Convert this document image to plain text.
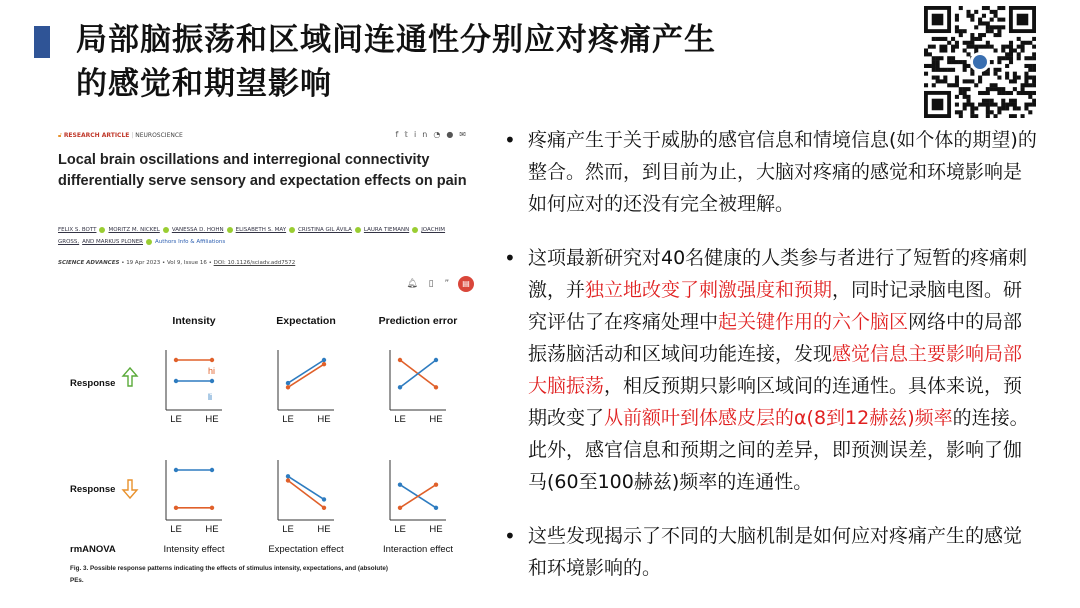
局部脑振荡和区域间连通性分别应对疼痛产生
的感觉和期望影响
🔓︎ RESEARCH ARTICLE | NEUROSCIENCE	f𝕥in◔●✉
Local brain oscillations and interregional connectivity differentially serve sensory and expectation effects on pain
FELIX S. BOTT MORITZ M. NICKEL VANESSA D. HOHN ELISABETH S. MAY CRISTINA GIL ÁVILA LAURA TIEMANN JOACHIM GROSS, AND MARKUS PLONER Authors Info & Affiliations
SCIENCE ADVANCES • 19 Apr 2023 • Vol 9, Issue 16 • DOI: 10.1126/sciadv.add7572
🔔︎ ▯ ” ▤
Intensity	Expectation	Prediction error
Response
Response
LE HE
hi
li
LE HE	LE HE
LE HE	LE HE	LE HE
rmANOVA	Intensity effect	Expectation effect	Interaction effect
Fig. 3. Possible response patterns indicating the effects of stimulus intensity, expectations, and (absolute)
PEs.
• 疼痛产生于关于威胁的感官信息和情境信息(如个体的期望)的整合。然而，到目前为止，大脑对疼痛的感觉和环境影响是如何应对的还没有完全被理解。
• 这项最新研究对40名健康的人类参与者进行了短暂的疼痛刺激，并独立地改变了刺激强度和预期，同时记录脑电图。研究评估了在疼痛处理中起关键作用的六个脑区网络中的局部振荡脑活动和区域间功能连接，发现感觉信息主要影响局部大脑振荡，相反预期只影响区域间的连通性。具体来说，预期改变了从前额叶到体感皮层的α(8到12赫兹)频率的连接。此外，感官信息和预期之间的差异，即预测误差，影响了伽马(60至100赫兹)频率的连通性。
• 这些发现揭示了不同的大脑机制是如何应对疼痛产生的感觉和环境影响的。
